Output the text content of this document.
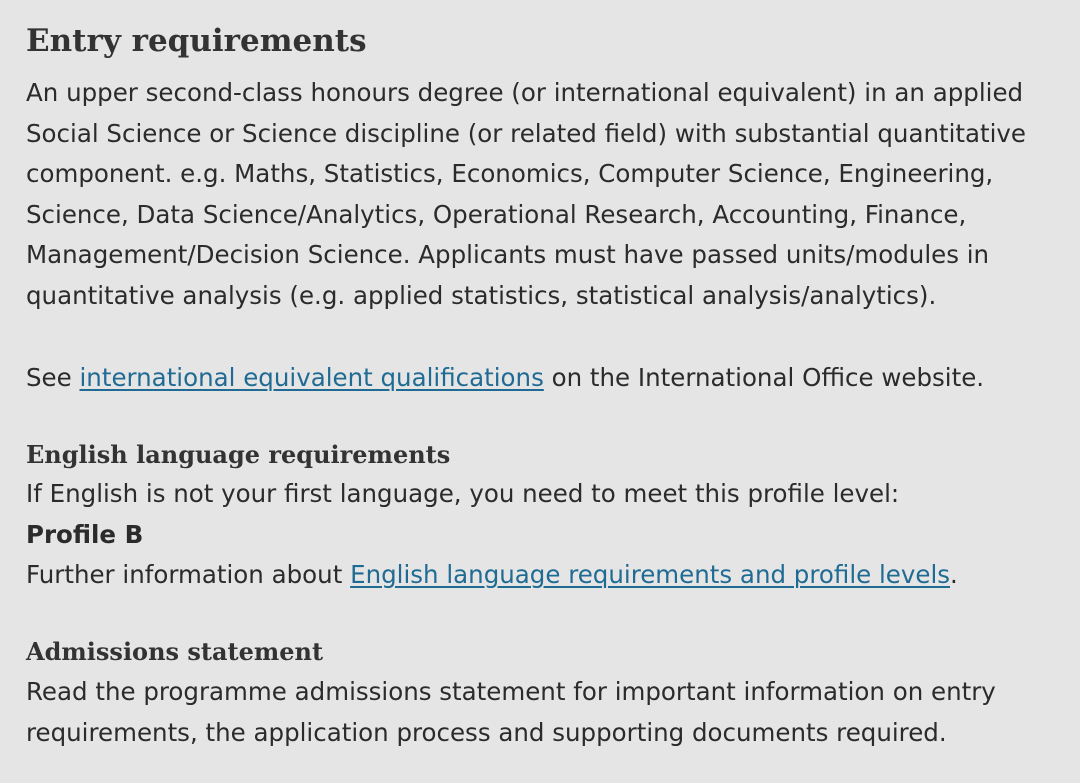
Entry requirements

An upper second-class honours degree (or international equivalent) in an applied
Social Science or Science discipline (or related field) with substantial quantitative
component. e.g. Maths, Statistics, Economics, Computer Science, Engineering,
Science, Data Science/Analytics, Operational Research, Accounting, Finance,
Management/Decision Science. Applicants must have passed units/modules in
quantitative analysis (e.g. applied statistics, statistical analysis/analytics).

See international equivalent qualifications on the International Office website.

English language requirements

If English is not your first language, you need to meet this profile level:
Profile B
Further information about English language requirements and profile levels.

Admissions statement

Read the programme admissions statement for important information on entry
requirements, the application process and supporting documents required.
